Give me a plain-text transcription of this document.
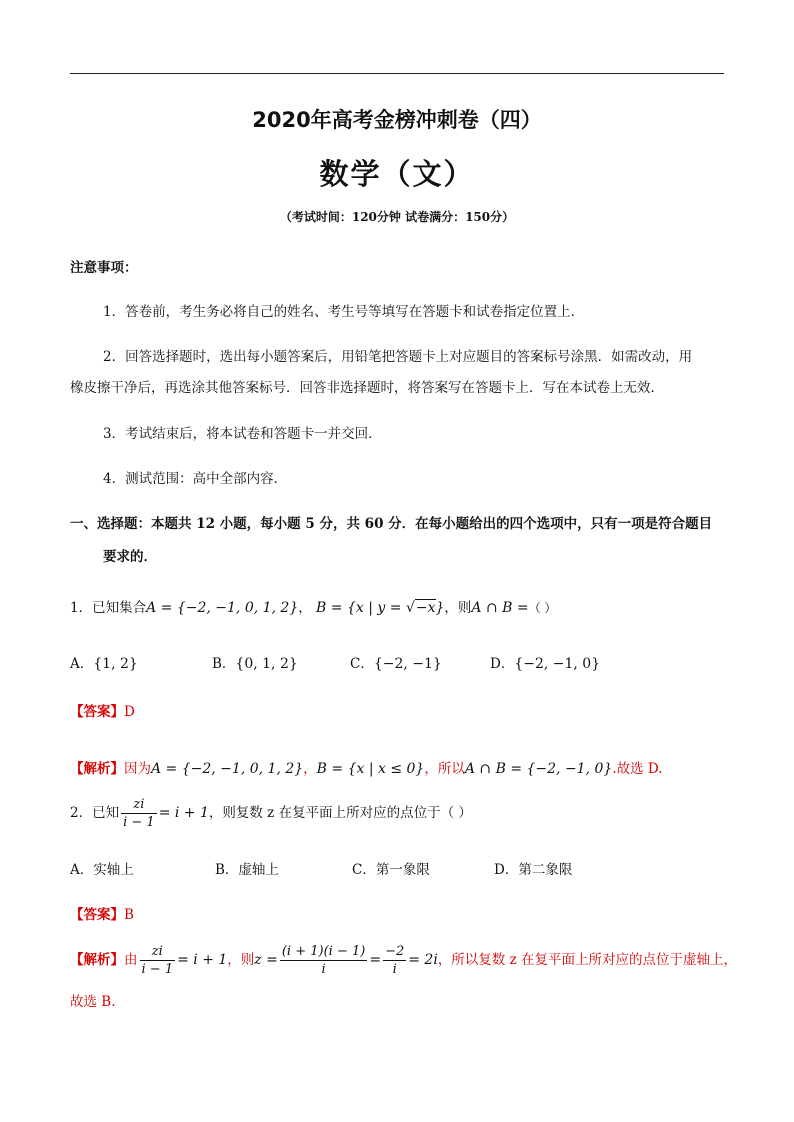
2020年高考金榜冲刺卷（四）
数学（文）
（考试时间：120分钟 试卷满分：150分）
注意事项：
1．答卷前，考生务必将自己的姓名、考生号等填写在答题卡和试卷指定位置上．
2．回答选择题时，选出每小题答案后，用铅笔把答题卡上对应题目的答案标号涂黑．如需改动，用
橡皮擦干净后，再选涂其他答案标号．回答非选择题时，将答案写在答题卡上．写在本试卷上无效．
3．考试结束后，将本试卷和答题卡一并交回．
4．测试范围：高中全部内容．
一、选择题：本题共 12 小题，每小题 5 分，共 60 分．在每小题给出的四个选项中，只有一项是符合题目
要求的．
1．已知集合A = {−2, −1, 0, 1, 2}， B = {x | y = √−x}，则A ∩ B =（ ）
A．{1, 2}	B．{0, 1, 2}	C．{−2, −1}	D．{−2, −1, 0}
【答案】D
【解析】因为A = {−2, −1, 0, 1, 2}，B = {x | x ≤ 0}，所以A ∩ B = {−2, −1, 0}.故选 D.
2．已知 $\frac{zi}{i - 1} = i + 1$，则复数 z 在复平面上所对应的点位于（ ）
A．实轴上	B．虚轴上	C．第一象限	D．第二象限
【答案】B
【解析】由 $\frac{zi}{i - 1} = i + 1$，则$z = \frac{(i + 1)(i - 1)}{i} = \frac{-2}{i} = 2i$，所以复数 z 在复平面上所对应的点位于虚轴上，
故选 B.
